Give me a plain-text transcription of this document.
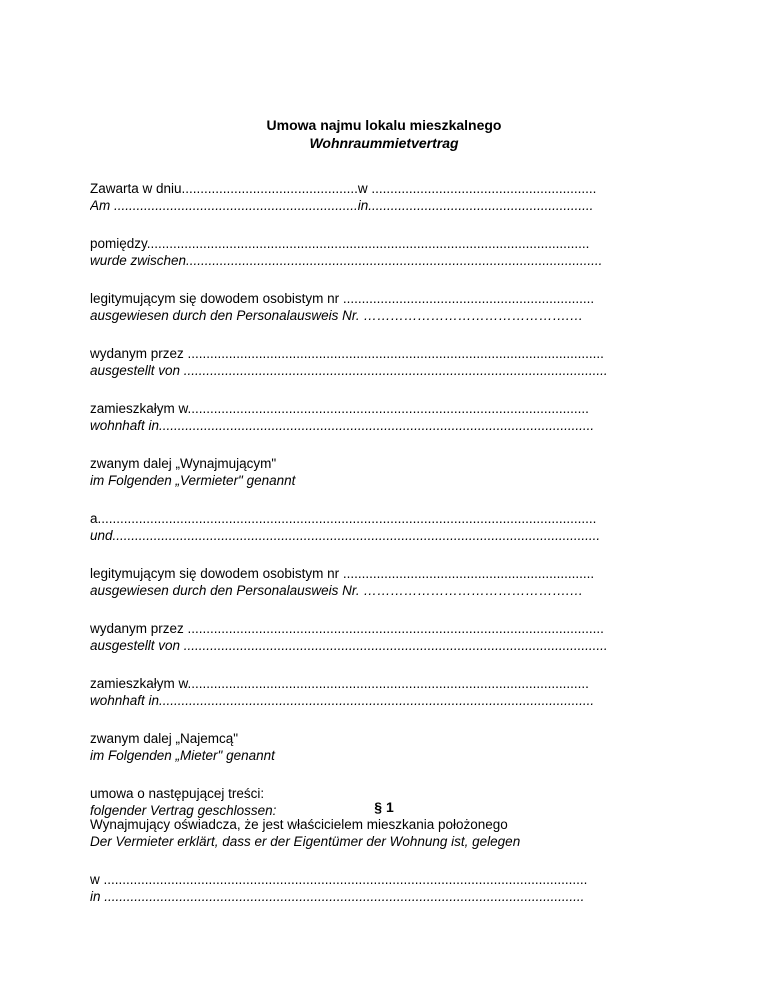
Umowa najmu lokalu mieszkalnego
Wohnraummietvertrag
Zawarta w dniu...............................................w ............................................................
Am .................................................................in............................................................
pomiędzy......................................................................................................................
wurde zwischen...............................................................................................................
legitymującym się dowodem osobistym nr ...................................................................
ausgewiesen durch den Personalausweis Nr. ……………………………………….…
wydanym przez ...............................................................................................................
ausgestellt von .................................................................................................................
zamieszkałym w...........................................................................................................
wohnhaft in....................................................................................................................
zwanym dalej „Wynajmującym"
im Folgenden „Vermieter" genannt
a.....................................................................................................................................
und..................................................................................................................................
legitymującym się dowodem osobistym nr ...................................................................
ausgewiesen durch den Personalausweis Nr. ……………………………………….…
wydanym przez ...............................................................................................................
ausgestellt von .................................................................................................................
zamieszkałym w...........................................................................................................
wohnhaft in....................................................................................................................
zwanym dalej „Najemcą"
im Folgenden „Mieter" genannt
umowa o następującej treści:
folgender Vertrag geschlossen:	§ 1
Wynajmujący oświadcza, że jest właścicielem mieszkania położonego
Der Vermieter erklärt, dass er der Eigentümer der Wohnung ist, gelegen
w .................................................................................................................................
in ................................................................................................................................
